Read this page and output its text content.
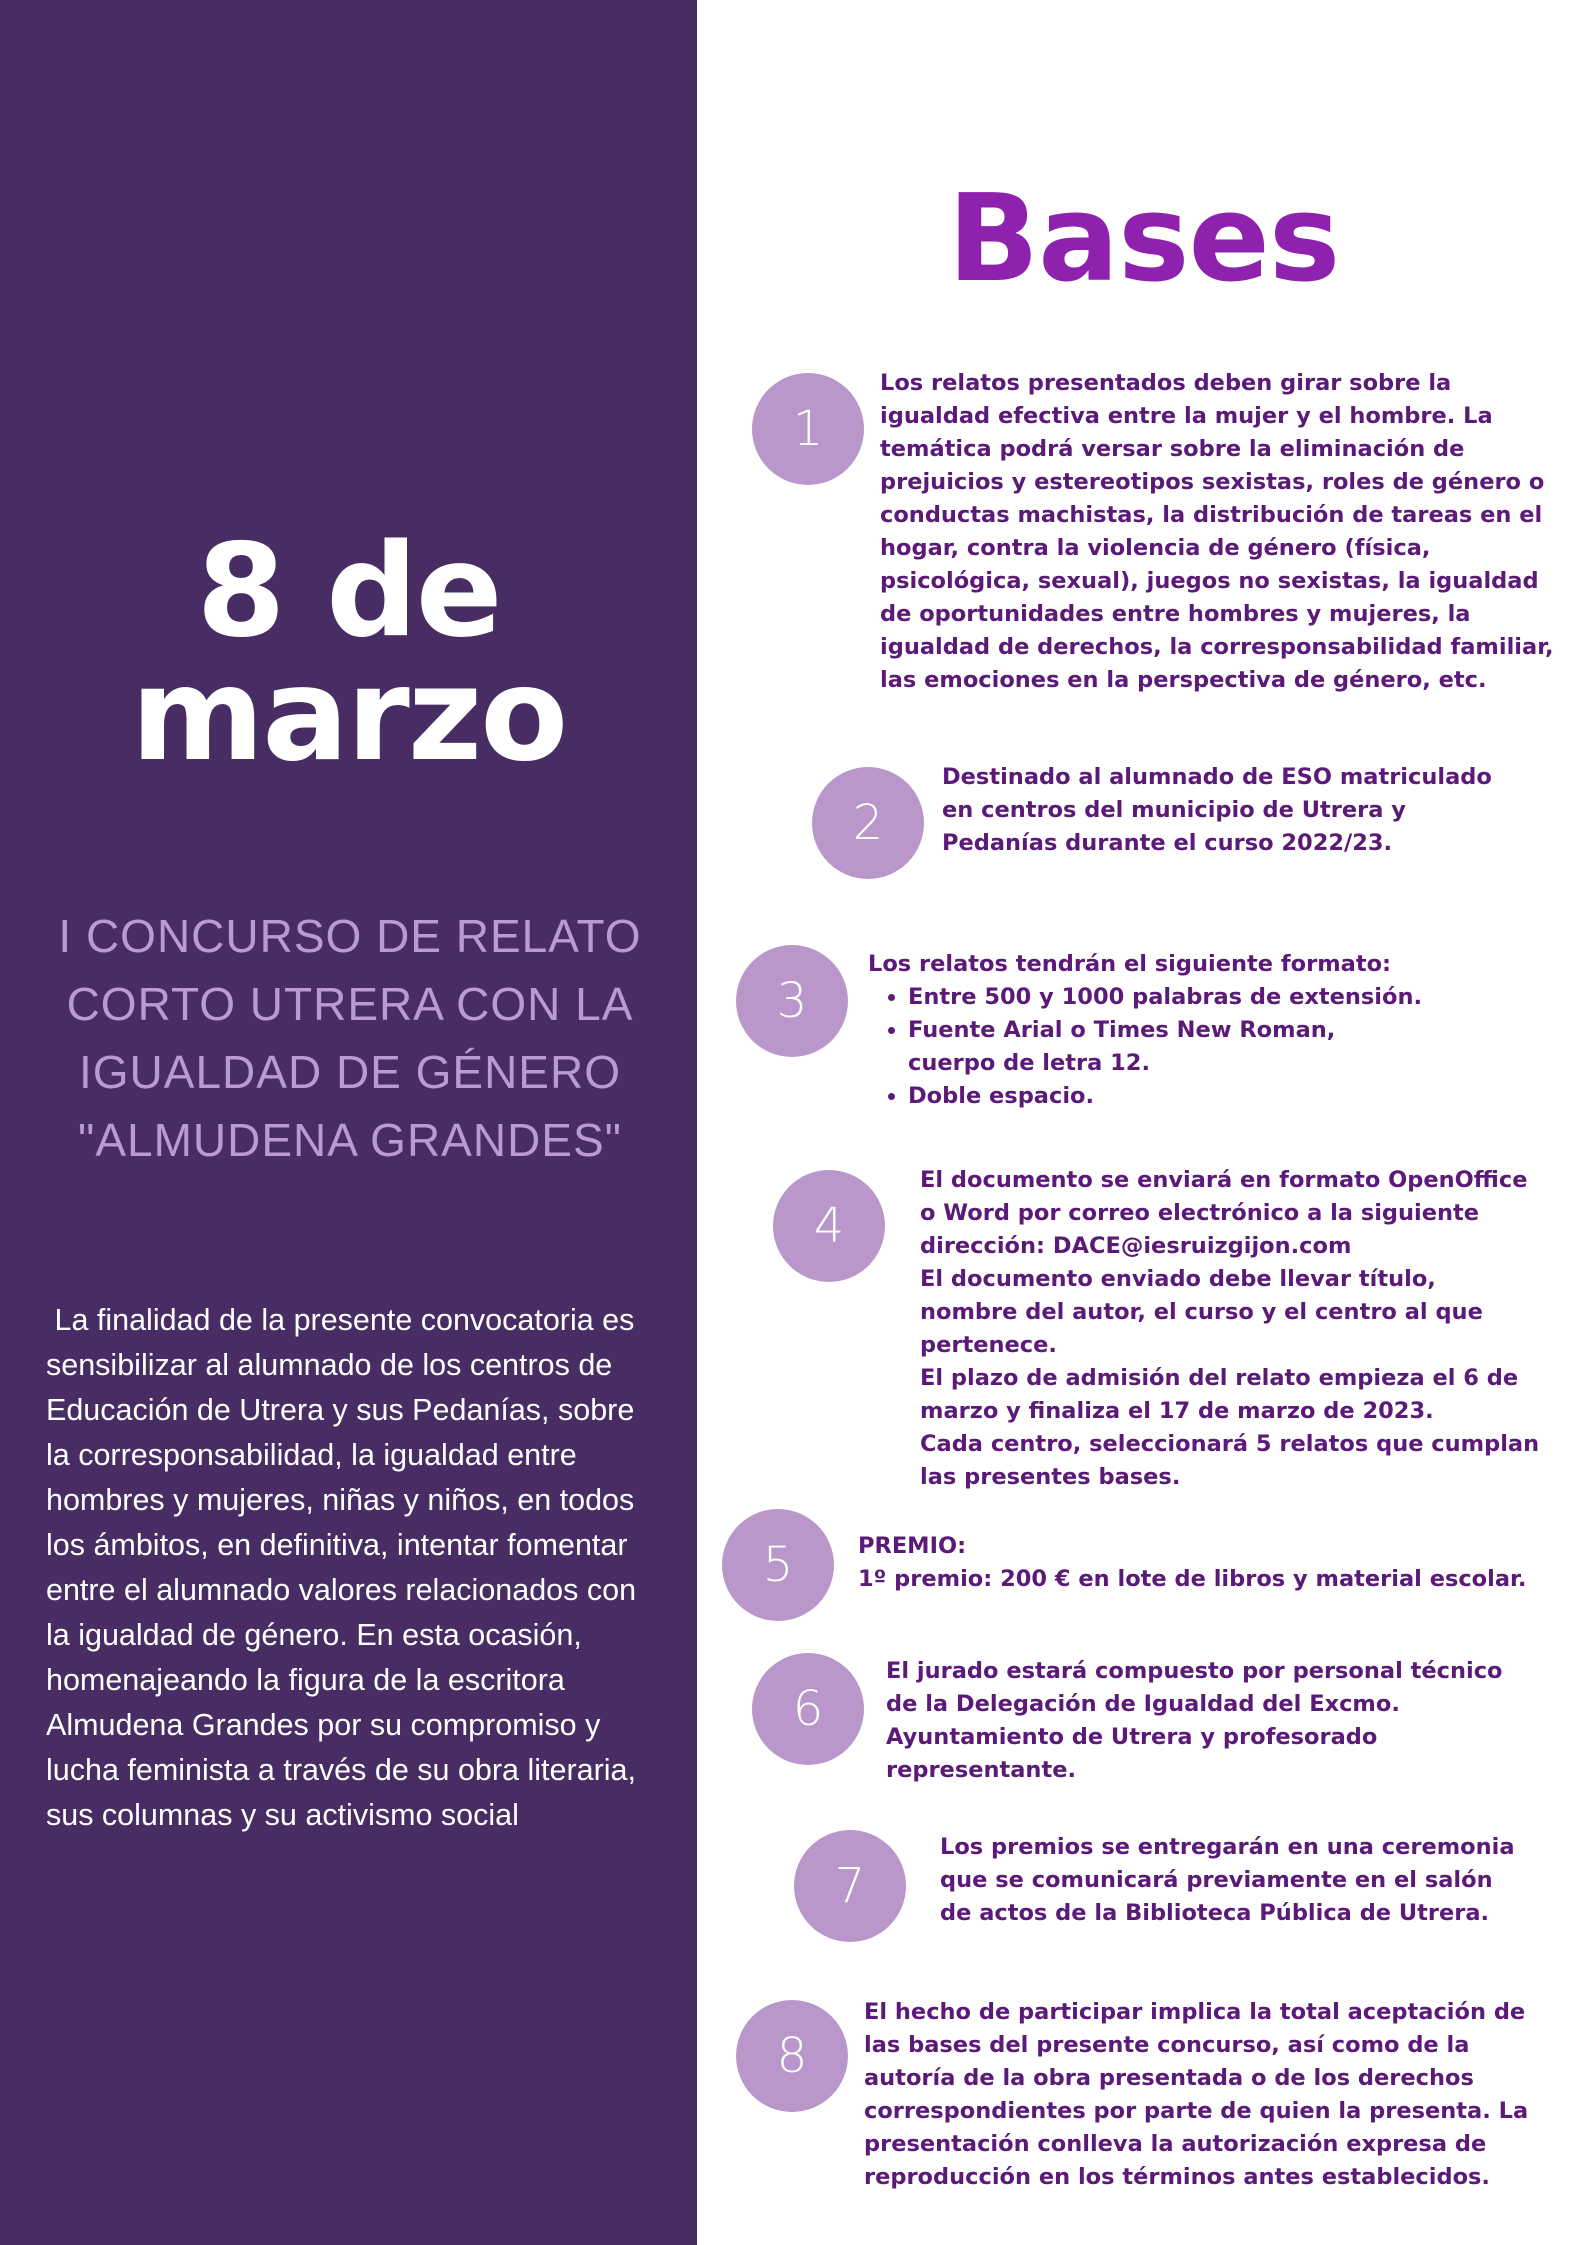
8 de
marzo
I CONCURSO DE RELATO
CORTO UTRERA CON LA
IGUALDAD DE GÉNERO
"ALMUDENA GRANDES"
La finalidad de la presente convocatoria es sensibilizar al alumnado de los centros de Educación de Utrera y sus Pedanías, sobre la corresponsabilidad, la igualdad entre hombres y mujeres, niñas y niños, en todos los ámbitos, en definitiva, intentar fomentar entre el alumnado valores relacionados con la igualdad de género. En esta ocasión, homenajeando la figura de la escritora Almudena Grandes por su compromiso y lucha feminista a través de su obra literaria, sus columnas y su activismo social
Bases
1

Los relatos presentados deben girar sobre la igualdad efectiva entre la mujer y el hombre. La temática podrá versar sobre la eliminación de prejuicios y estereotipos sexistas, roles de género o conductas machistas, la distribución de tareas en el hogar, contra la violencia de género (física, psicológica, sexual), juegos no sexistas, la igualdad de oportunidades entre hombres y mujeres, la igualdad de derechos, la corresponsabilidad familiar, las emociones en la perspectiva de género, etc.

2

Destinado al alumnado de ESO matriculado en centros del municipio de Utrera y Pedanías durante el curso 2022/23.

3

Los relatos tendrán el siguiente formato:

• Entre 500 y 1000 palabras de extensión.
• Fuente Arial o Times New Roman, cuerpo de letra 12.
• Doble espacio.
4

El documento se enviará en formato OpenOffice o Word por correo electrónico a la siguiente dirección: DACE@iesruizgijon.com

El documento enviado debe llevar título, nombre del autor, el curso y el centro al que pertenece.

El plazo de admisión del relato empieza el 6 de marzo y finaliza el 17 de marzo de 2023.

Cada centro, seleccionará 5 relatos que cumplan las presentes bases.

5	PREMIO:

1º premio: 200 € en lote de libros y material escolar.

6

El jurado estará compuesto por personal técnico de la Delegación de Igualdad del Excmo. Ayuntamiento de Utrera y profesorado representante.

7

Los premios se entregarán en una ceremonia que se comunicará previamente en el salón de actos de la Biblioteca Pública de Utrera.

8

El hecho de participar implica la total aceptación de las bases del presente concurso, así como de la autoría de la obra presentada o de los derechos correspondientes por parte de quien la presenta. La presentación conlleva la autorización expresa de reproducción en los términos antes establecidos.
